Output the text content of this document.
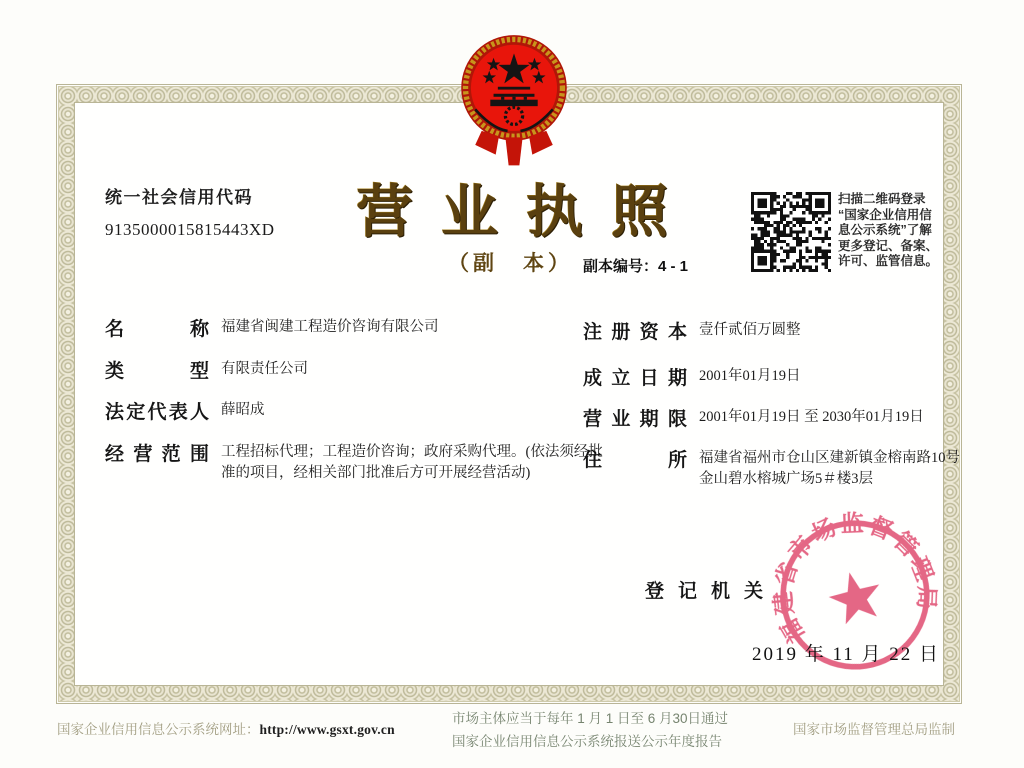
统一社会信用代码
9135000015815443XD	营业执照
（副　本） 副本编号：4 - 1
扫描二维码登录
“国家企业信用信
息公示系统”了解
更多登记、备案、
许可、监管信息。
名称 福建省闽建工程造价咨询有限公司
类型 有限责任公司
法定代表人 薛昭成
经营范围 工程招标代理；工程造价咨询；政府采购代理。(依法须经批
准的项目，经相关部门批准后方可开展经营活动)
注册资本 壹仟贰佰万圆整
成立日期 2001年01月19日
营业期限 2001年01月19日 至 2030年01月19日
住所 福建省福州市仓山区建新镇金榕南路10号
金山碧水榕城广场5＃楼3层
登记机关
福建省市场监督管理局
2019 年 11 月 22 日
国家企业信用信息公示系统网址：http://www.gsxt.gov.cn
市场主体应当于每年 1 月 1 日至 6 月30日通过
国家企业信用信息公示系统报送公示年度报告
国家市场监督管理总局监制
